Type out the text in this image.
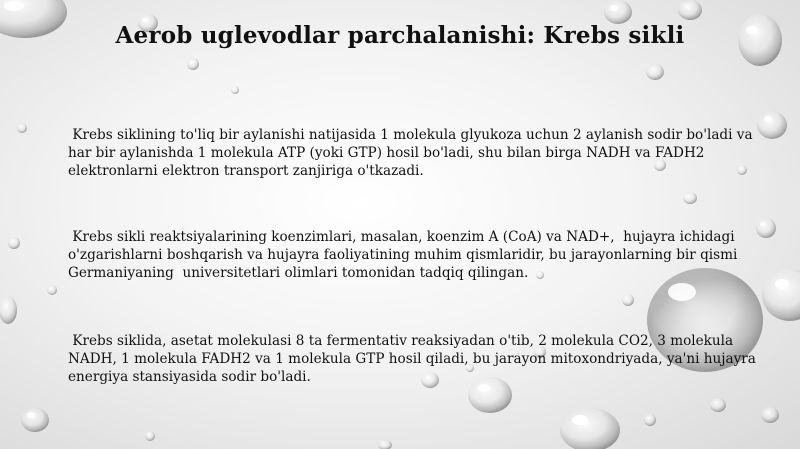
Aerob uglevodlar parchalanishi: Krebs sikli

Krebs siklining to'liq bir aylanishi natijasida 1 molekula glyukoza uchun 2 aylanish sodir bo'ladi va har bir aylanishda 1 molekula ATP (yoki GTP) hosil bo'ladi, shu bilan birga NADH va FADH2 elektronlarni elektron transport zanjiriga o'tkazadi.

Krebs sikli reaktsiyalarining koenzimlari, masalan, koenzim A (CoA) va NAD+,  hujayra ichidagi o'zgarishlarni boshqarish va hujayra faoliyatining muhim qismlaridir, bu jarayonlarning bir qismi Germaniyaning  universitetlari olimlari tomonidan tadqiq qilingan.

Krebs siklida, asetat molekulasi 8 ta fermentativ reaksiyadan o'tib, 2 molekula CO2, 3 molekula NADH, 1 molekula FADH2 va 1 molekula GTP hosil qiladi, bu jarayon mitoxondriyada, ya'ni hujayra energiya stansiyasida sodir bo'ladi.
